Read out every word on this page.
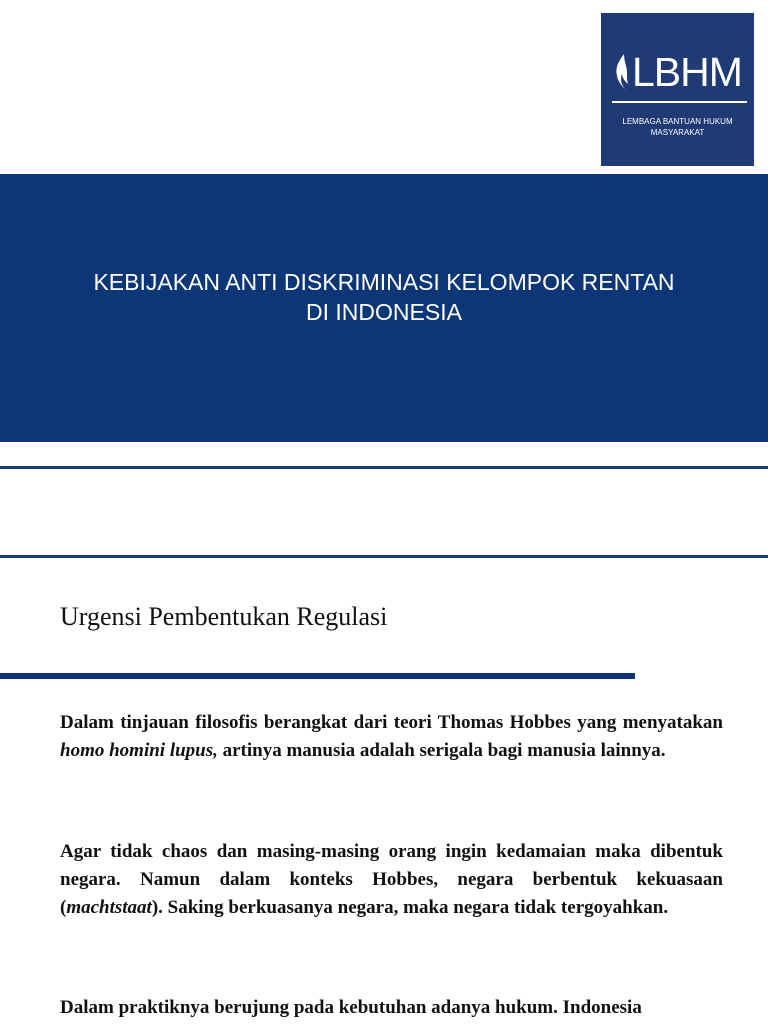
LBHM
LEMBAGA BANTUAN HUKUM
MASYARAKAT
KEBIJAKAN ANTI DISKRIMINASI KELOMPOK RENTAN
DI INDONESIA
Urgensi Pembentukan Regulasi

Dalam tinjauan filosofis berangkat dari teori Thomas Hobbes yang menyatakan homo homini lupus, artinya manusia adalah serigala bagi manusia lainnya.

Agar tidak chaos dan masing-masing orang ingin kedamaian maka dibentuk negara. Namun dalam konteks Hobbes, negara berbentuk kekuasaan (machtstaat). Saking berkuasanya negara, maka negara tidak tergoyahkan.

Dalam praktiknya berujung pada kebutuhan adanya hukum. Indonesia
